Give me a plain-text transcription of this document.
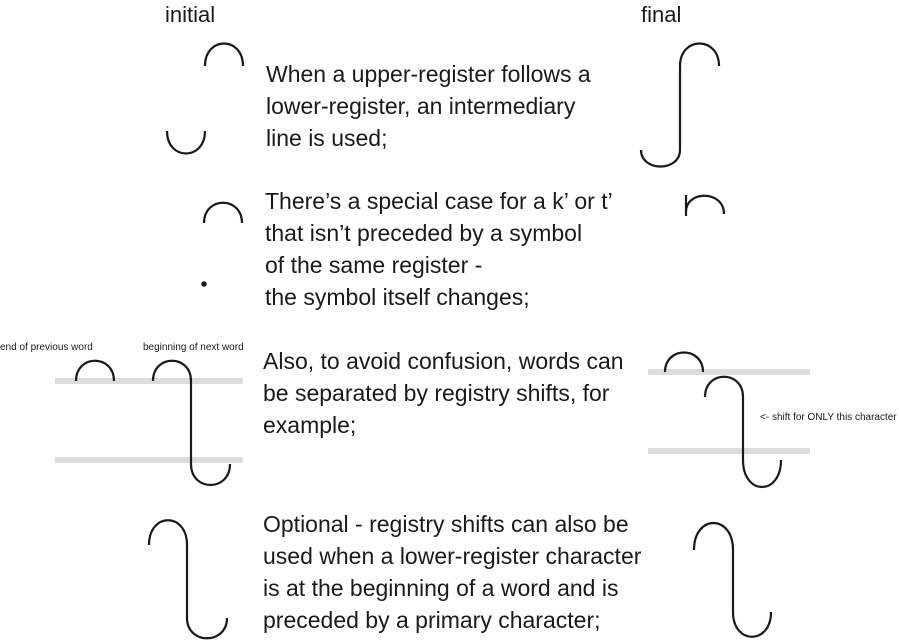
initial	final
When a upper-register follows a
lower-register, an intermediary
line is used;
There’s a special case for a k’ or t’
that isn’t preceded by a symbol
of the same register -
the symbol itself changes;
end of previous word	beginning of next word
Also, to avoid confusion, words can
be separated by registry shifts, for
example;	<- shift for ONLY this character
Optional - registry shifts can also be
used when a lower-register character
is at the beginning of a word and is
preceded by a primary character;
